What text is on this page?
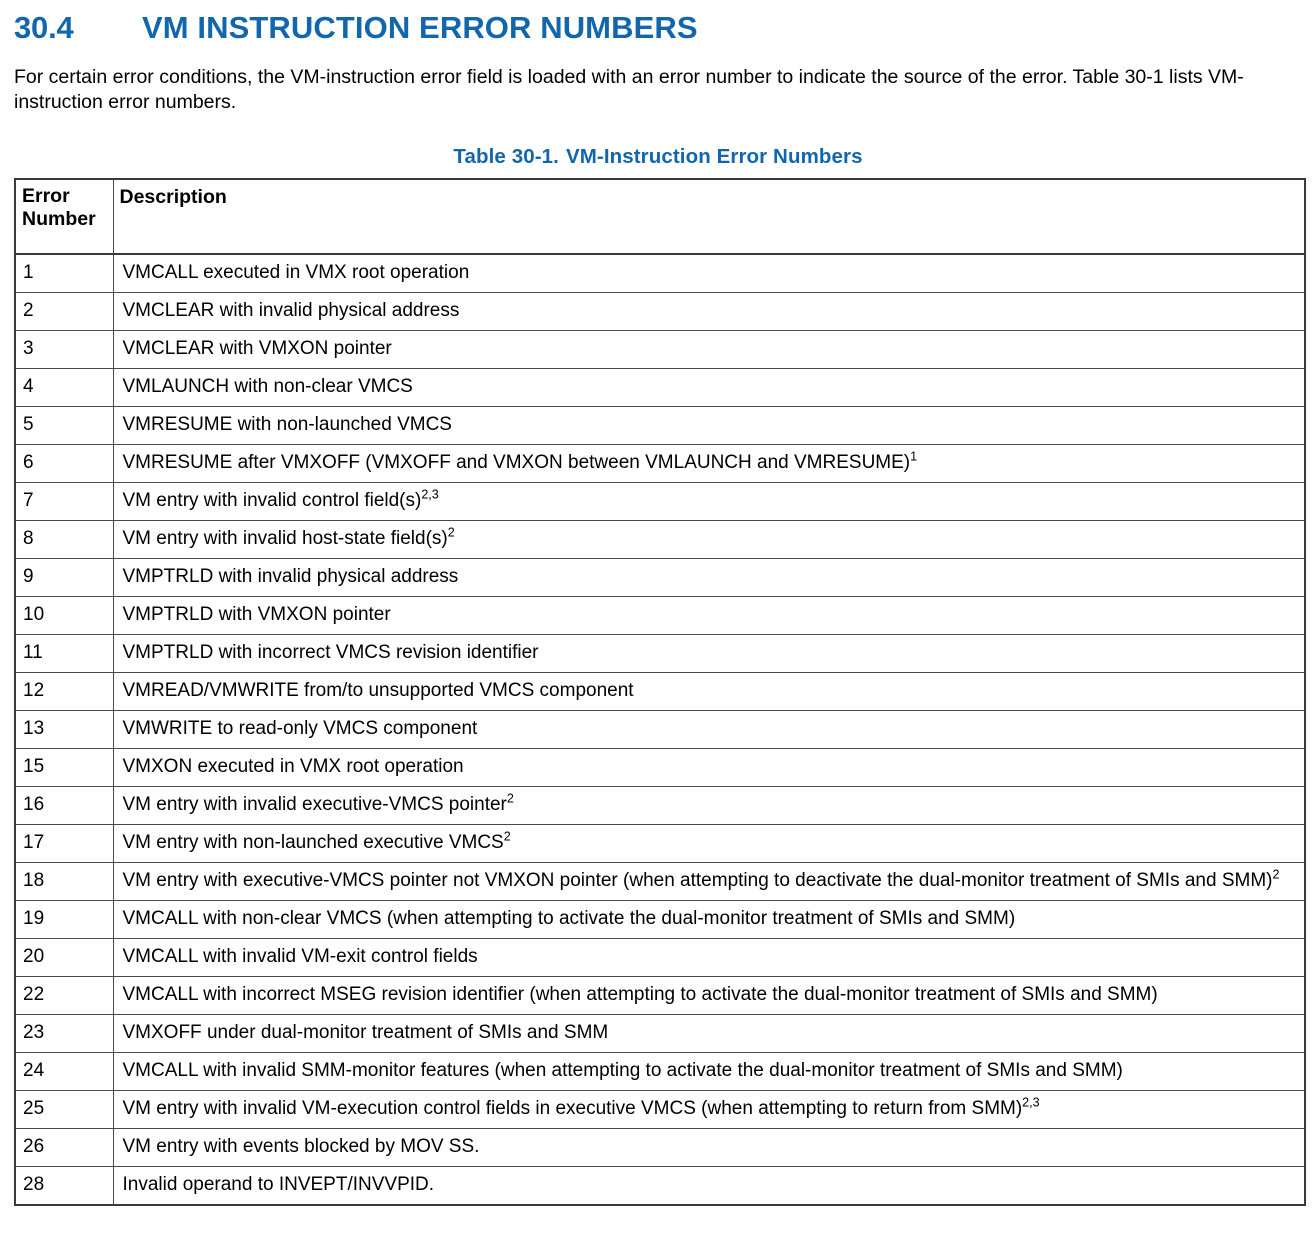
30.4	VM INSTRUCTION ERROR NUMBERS

For certain error conditions, the VM-instruction error field is loaded with an error number to indicate the source of the error. Table 30-1 lists VM-instruction error numbers.

Table 30-1. VM-Instruction Error Numbers
Error
Number	Description
1	VMCALL executed in VMX root operation
2	VMCLEAR with invalid physical address
3	VMCLEAR with VMXON pointer
4	VMLAUNCH with non-clear VMCS
5	VMRESUME with non-launched VMCS
6	VMRESUME after VMXOFF (VMXOFF and VMXON between VMLAUNCH and VMRESUME)$^1$
7	VM entry with invalid control $field(s)^{2,3}$
8	VM entry with invalid host-state $field(s)^2$
9	VMPTRLD with invalid physical address
10	VMPTRLD with VMXON pointer
11	VMPTRLD with incorrect VMCS revision identifier
12	VMREAD/VMWRITE from/to unsupported VMCS component
13	VMWRITE to read-only VMCS component
15	VMXON executed in VMX root operation
16	VM entry with invalid executive-VMCS pointer$^2$
17	VM entry with non-launched executive VMCS$^2$
18	VM entry with executive-VMCS pointer not VMXON pointer (when attempting to deactivate the dual-monitor treatment of SMIs and SMM)$^2$
19	VMCALL with non-clear VMCS (when attempting to activate the dual-monitor treatment of SMIs and SMM)
20	VMCALL with invalid VM-exit control fields
22	VMCALL with incorrect MSEG revision identifier (when attempting to activate the dual-monitor treatment of SMIs and SMM)
23	VMXOFF under dual-monitor treatment of SMIs and SMM
24	VMCALL with invalid SMM-monitor features (when attempting to activate the dual-monitor treatment of SMIs and SMM)
25	VM entry with invalid VM-execution control fields in executive VMCS (when attempting to return from SMM)$^{2,3}$
26	VM entry with events blocked by MOV SS.
28	Invalid operand to INVEPT/INVVPID.
